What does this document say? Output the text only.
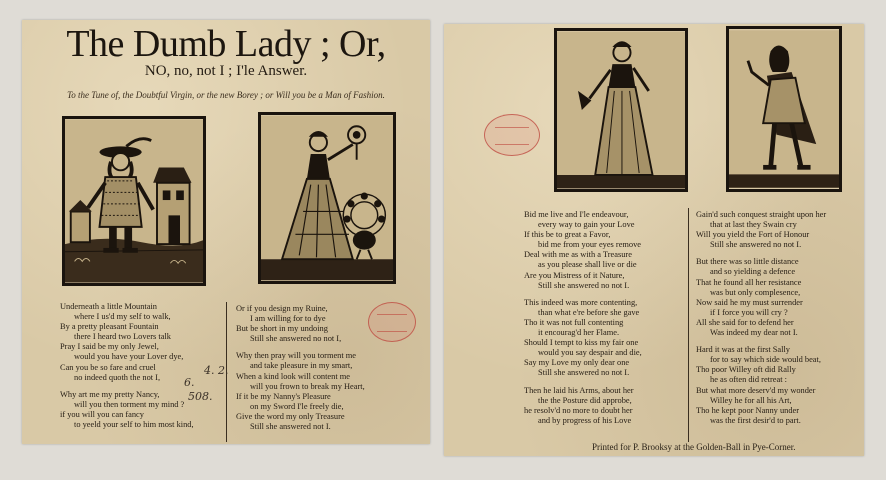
The Dumb Lady ; Or,
NO, no, not I ; I'le Answer.
To the Tune of, the Doubtful Virgin, or the new Borey ; or Will you be a Man of Fashion.
Underneath a little Mountain
where I us'd my self to walk,
By a pretty pleasant Fountain
there I heard two Lovers talk
Pray I said be my only Jewel,
would you have your Lover dye,
Can you be so fare and cruel
no indeed quoth the not I,
Why art me my pretty Nancy,
will you then torment my mind ?
if you will you can fancy
to yeeld your self to him most kind,
Or if you design my Ruine,
I am willing for to dye
But be short in my undoing
Still she answered no not I,
Why then pray will you torment me
and take pleasure in my smart,
When a kind look will content me
will you frown to break my Heart,
If it be my Nanny's Pleasure
on my Sword I'le freely die,
Give the word my only Treasure
Still she answered not I.
4. 2.
6.
508.
Bid me live and I'le endeavour,
every way to gain your Love
If this be to great a Favor,
bid me from your eyes remove
Deal with me as with a Treasure
as you please shall live or die
Are you Mistress of it Nature,
Still she answered no not I.
This indeed was more contenting,
than what e're before she gave
Tho it was not full contenting
it encourag'd her Flame.
Should I tempt to kiss my fair one
would you say despair and die,
Say my Love my only dear one
Still she answered no not I.
Then he laid his Arms, about her
the the Posture did approbe,
he resolv'd no more to doubt her
and by progress of his Love
Gain'd such conquest straight upon her
that at last they Swain cry
Will you yield the Fort of Honour
Still she answered no not I.
But there was so little distance
and so yielding a defence
That he found all her resistance
was but only complesence,
Now said he my must surrender
if I force you will cry ?
All she said for to defend her
Was indeed my dear not I.
Hard it was at the first Sally
for to say which side would beat,
Tho poor Willey oft did Rally
he as often did retreat :
But what more deserv'd my wonder
Willey he for all his Art,
Tho he kept poor Nanny under
was the first desir'd to part.
Printed for P. Brooksy at the Golden-Ball in Pye-Corner.
